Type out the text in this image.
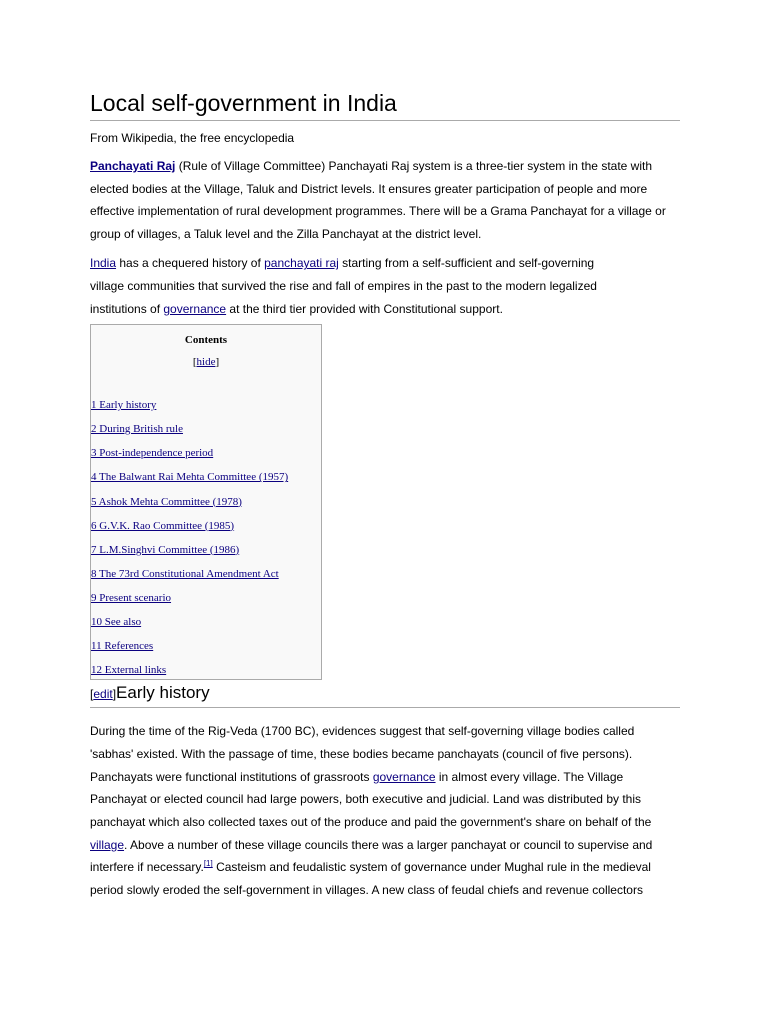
Local self-government in India
From Wikipedia, the free encyclopedia

Panchayati Raj (Rule of Village Committee) Panchayati Raj system is a three-tier system in the state with elected bodies at the Village, Taluk and District levels. It ensures greater participation of people and more effective implementation of rural development programmes. There will be a Grama Panchayat for a village or group of villages, a Taluk level and the Zilla Panchayat at the district level.

India has a chequered history of panchayati raj starting from a self-sufficient and self-governing village communities that survived the rise and fall of empires in the past to the modern legalized institutions of governance at the third tier provided with Constitutional support.

Contents
[hide]
1 Early history
2 During British rule
3 Post-independence period
4 The Balwant Rai Mehta Committee (1957)
5 Ashok Mehta Committee (1978)
6 G.V.K. Rao Committee (1985)
7 L.M.Singhvi Committee (1986)
8 The 73rd Constitutional Amendment Act
9 Present scenario
10 See also
11 References
12 External links
[edit]Early history

During the time of the Rig-Veda (1700 BC), evidences suggest that self-governing village bodies called 'sabhas' existed. With the passage of time, these bodies became panchayats (council of five persons). Panchayats were functional institutions of grassroots governance in almost every village. The Village Panchayat or elected council had large powers, both executive and judicial. Land was distributed by this panchayat which also collected taxes out of the produce and paid the government's share on behalf of the village. Above a number of these village councils there was a larger panchayat or council to supervise and interfere if necessary.[1] Casteism and feudalistic system of governance under Mughal rule in the medieval period slowly eroded the self-government in villages. A new class of feudal chiefs and revenue collectors
